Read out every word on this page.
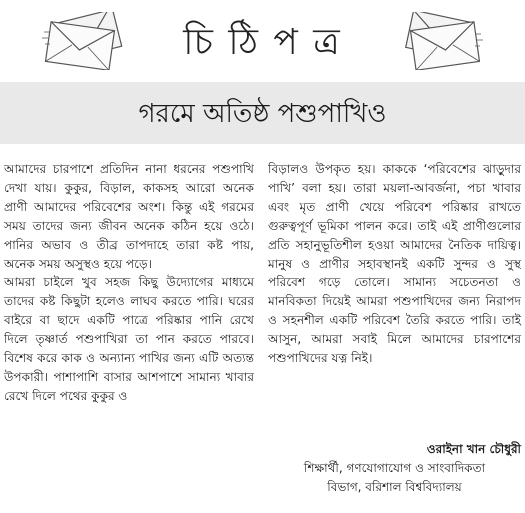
চি ঠি প ত্র
গরমে অতিষ্ঠ পশুপাখিও

আমাদের চারপাশে প্রতিদিন নানা ধরনের পশুপাখি দেখা যায়। কুকুর, বিড়াল, কাকসহ আরো অনেক প্রাণী আমাদের পরিবেশের অংশ। কিন্তু এই গরমের সময় তাদের জন্য জীবন অনেক কঠিন হয়ে ওঠে। পানির অভাব ও তীব্র তাপদাহে তারা কষ্ট পায়, অনেক সময় অসুস্থও হয়ে পড়ে।

আমরা চাইলে খুব সহজ কিছু উদ্যোগের মাধ্যমে তাদের কষ্ট কিছুটা হলেও লাঘব করতে পারি। ঘরের বাইরে বা ছাদে একটি পাত্রে পরিষ্কার পানি রেখে দিলে তৃষ্ণার্ত পশুপাখিরা তা পান করতে পারবে। বিশেষ করে কাক ও অন্যান্য পাখির জন্য এটি অত্যন্ত উপকারী। পাশাপাশি বাসার আশপাশে সামান্য খাবার রেখে দিলে পথের কুকুর ও

বিড়ালও উপকৃত হয়। কাককে ‘পরিবেশের ঝাড়ুদার পাখি’ বলা হয়। তারা ময়লা-আবর্জনা, পচা খাবার এবং মৃত প্রাণী খেয়ে পরিবেশ পরিষ্কার রাখতে গুরুত্বপূর্ণ ভূমিকা পালন করে। তাই এই প্রাণীগুলোর প্রতি সহানুভূতিশীল হওয়া আমাদের নৈতিক দায়িত্ব। মানুষ ও প্রাণীর সহাবস্থানই একটি সুন্দর ও সুস্থ পরিবেশ গড়ে তোলে। সামান্য সচেতনতা ও মানবিকতা দিয়েই আমরা পশুপাখিদের জন্য নিরাপদ ও সহনশীল একটি পরিবেশ তৈরি করতে পারি। তাই আসুন, আমরা সবাই মিলে আমাদের চারপাশের পশুপাখিদের যত্ন নিই।

ওরাইনা খান চৌধুরী
শিক্ষার্থী, গণযোগাযোগ ও সাংবাদিকতা
বিভাগ, বরিশাল বিশ্ববিদ্যালয়
